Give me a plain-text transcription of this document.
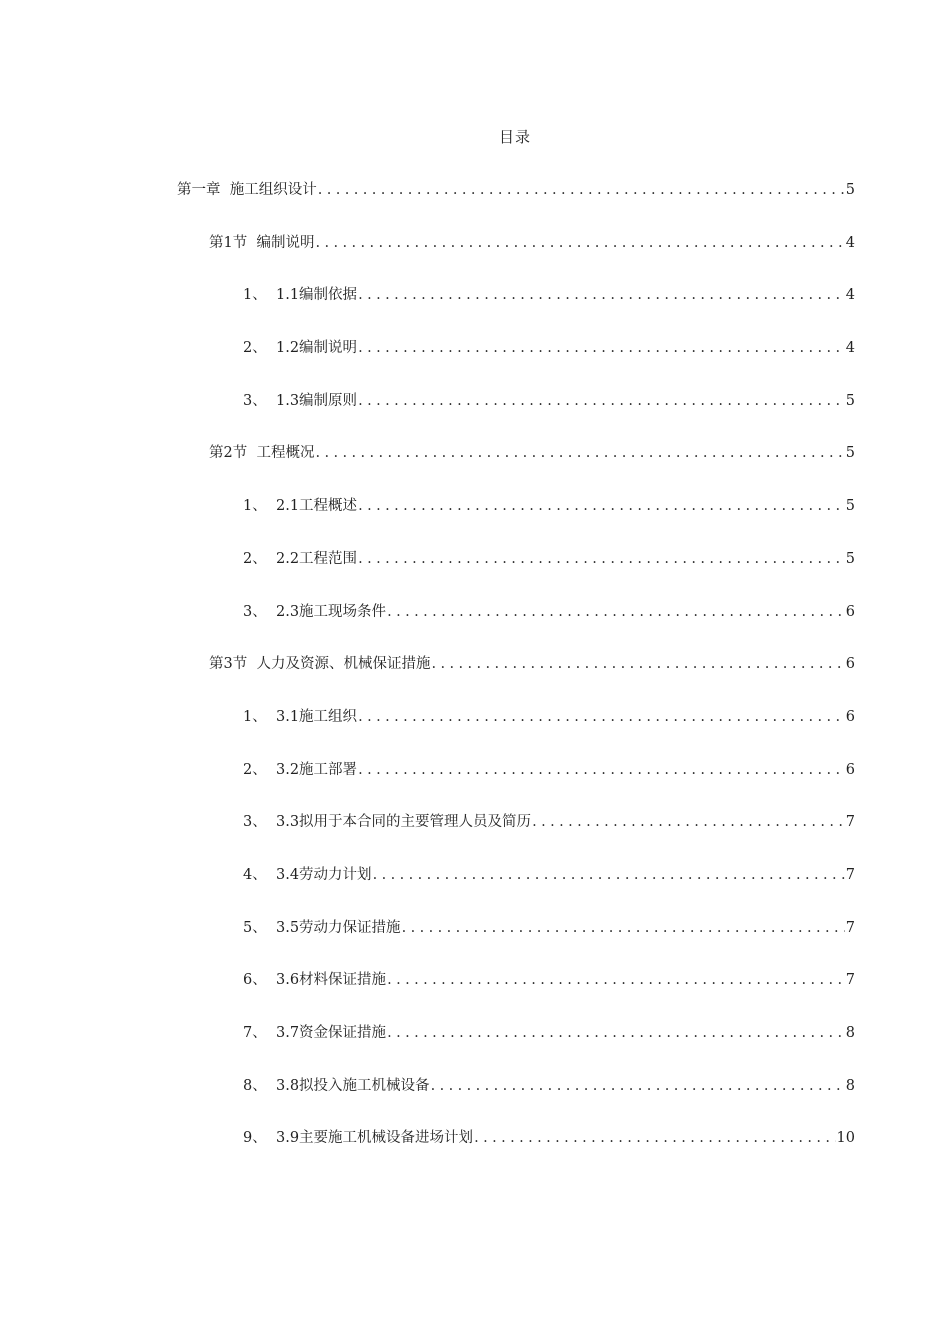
目录
第一章 施工组织设计 .....	5
第1节 编制说明 .....	4
1、 1.1编制依据 .....	4
2、 1.2编制说明 .....	4
3、 1.3编制原则 .....	5
第2节 工程概况 .....	5
1、 2.1工程概述 .....	5
2、 2.2工程范围 .....	5
3、 2.3施工现场条件 .....	6
第3节 人力及资源、机械保证措施 .....	6
1、 3.1施工组织 .....	6
2、 3.2施工部署 .....	6
3、 3.3拟用于本合同的主要管理人员及简历 .....	7
4、 3.4劳动力计划 .....	7
5、 3.5劳动力保证措施 .....	7
6、 3.6材料保证措施 .....	7
7、 3.7资金保证措施 .....	8
8、 3.8拟投入施工机械设备 .....	8
9、 3.9主要施工机械设备进场计划 .....	10
